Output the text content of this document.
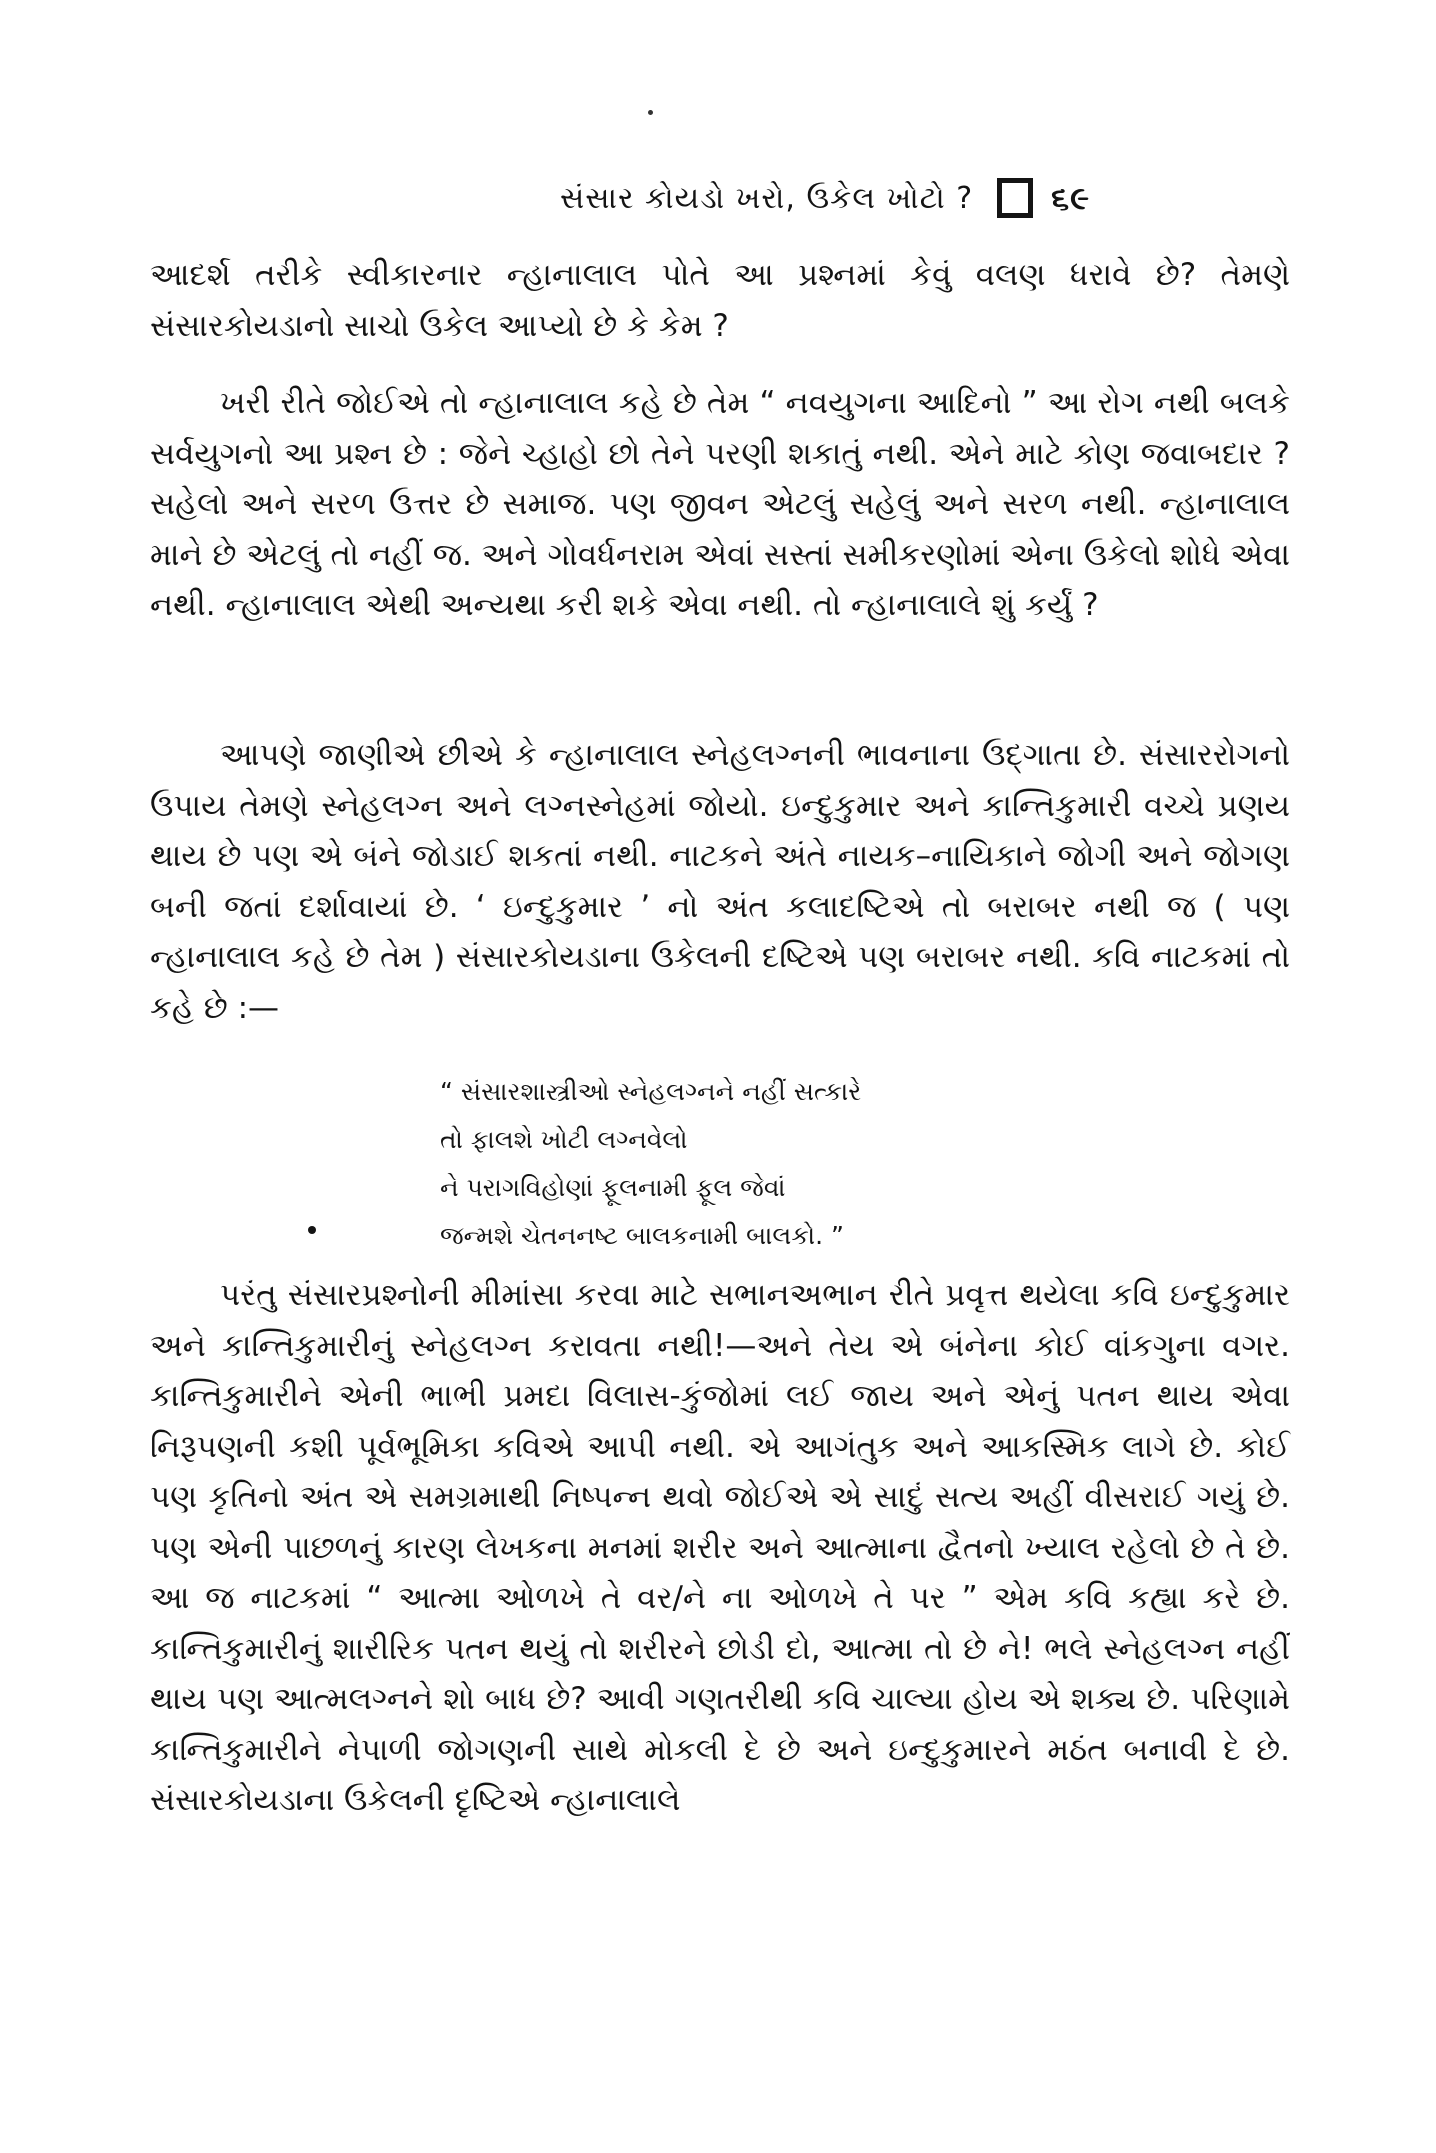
સંસાર કોયડો ખરો, ઉકેલ ખોટો ? ૬૯
આદર્શ તરીકે સ્વીકારનાર ન્હાનાલાલ પોતે આ પ્રશ્નમાં કેવું વલણ ધરાવે છે? તેમણે સંસારકોયડાનો સાચો ઉકેલ આપ્યો છે કે કેમ ?
ખરી રીતે જોઈએ તો ન્હાનાલાલ કહે છે તેમ “ નવયુગના આદિનો ” આ રોગ નથી બલકે સર્વયુગનો આ પ્રશ્ન છે : જેને ચ્હાહો છો તેને પરણી શકાતું નથી. એને માટે કોણ જવાબદાર ? સહેલો અને સરળ ઉત્તર છે સમાજ. પણ જીવન એટલું સહેલું અને સરળ નથી. ન્હાનાલાલ માને છે એટલું તો નહીં જ. અને ગોવર્ધનરામ એવાં સસ્તાં સમીકરણોમાં એના ઉકેલો શોધે એવા નથી. ન્હાનાલાલ એથી અન્યથા કરી શકે એવા નથી. તો ન્હાનાલાલે શું કર્યું ?
આપણે જાણીએ છીએ કે ન્હાનાલાલ સ્નેહલગ્નની ભાવનાના ઉદ્‌ગાતા છે. સંસારરોગનો ઉપાય તેમણે સ્નેહલગ્ન અને લગ્નસ્નેહમાં જોયો. ઇન્દુકુમાર અને કાન્તિકુમારી વચ્ચે પ્રણય થાય છે પણ એ બંને જોડાઈ શકતાં નથી. નાટકને અંતે નાયક–નાયિકાને જોગી અને જોગણ બની જતાં દર્શાવાયાં છે. ‘ ઇન્દુકુમાર ’ નો અંત કલાદષ્ટિએ તો બરાબર નથી જ ( પણ ન્હાનાલાલ કહે છે તેમ ) સંસારકોયડાના ઉકેલની દષ્ટિએ પણ બરાબર નથી. કવિ નાટકમાં તો કહે છે :—
“ સંસારશાસ્ત્રીઓ સ્નેહલગ્નને નહીં સત્કારે
તો ફાલશે ખોટી લગ્નવેલો
ને પરાગવિહોણાં ફૂલનામી ફૂલ જેવાં
જન્મશે ચેતનનષ્ટ બાલકનામી બાલકો. ”
પરંતુ સંસારપ્રશ્નોની મીમાંસા કરવા માટે સભાનઅભાન રીતે પ્રવૃત્ત થયેલા કવિ ઇન્દુકુમાર અને કાન્તિકુમારીનું સ્નેહલગ્ન કરાવતા નથી!—અને તેય એ બંનેના કોઈ વાંકગુના વગર. કાન્તિકુમારીને એની ભાભી પ્રમદા વિલાસ-કુંજોમાં લઈ જાય અને એનું પતન થાય એવા નિરૂપણની કશી પૂર્વભૂમિકા કવિએ આપી નથી. એ આગંતુક અને આકસ્મિક લાગે છે. કોઈ પણ કૃતિનો અંત એ સમગ્રમાથી નિષ્પન્ન થવો જોઈએ એ સાદું સત્ય અહીં વીસરાઈ ગયું છે. પણ એની પાછળનું કારણ લેખકના મનમાં શરીર અને આત્માના દ્વૈતનો ખ્યાલ રહેલો છે તે છે. આ જ નાટકમાં “ આત્મા ઓળખે તે વર/ને ના ઓળખે તે પર ” એમ કવિ કહ્યા કરે છે. કાન્તિકુમારીનું શારીરિક પતન થયું તો શરીરને છોડી દો, આત્મા તો છે ને! ભલે સ્નેહલગ્ન નહીં થાય પણ આત્મલગ્નને શો બાધ છે? આવી ગણતરીથી કવિ ચાલ્યા હોય એ શક્ય છે. પરિણામે કાન્તિકુમારીને નેપાળી જોગણની સાથે મોકલી દે છે અને ઇન્દુકુમારને મઠંત બનાવી દે છે. સંસારકોયડાના ઉકેલની દૃષ્ટિએ ન્હાનાલાલે
